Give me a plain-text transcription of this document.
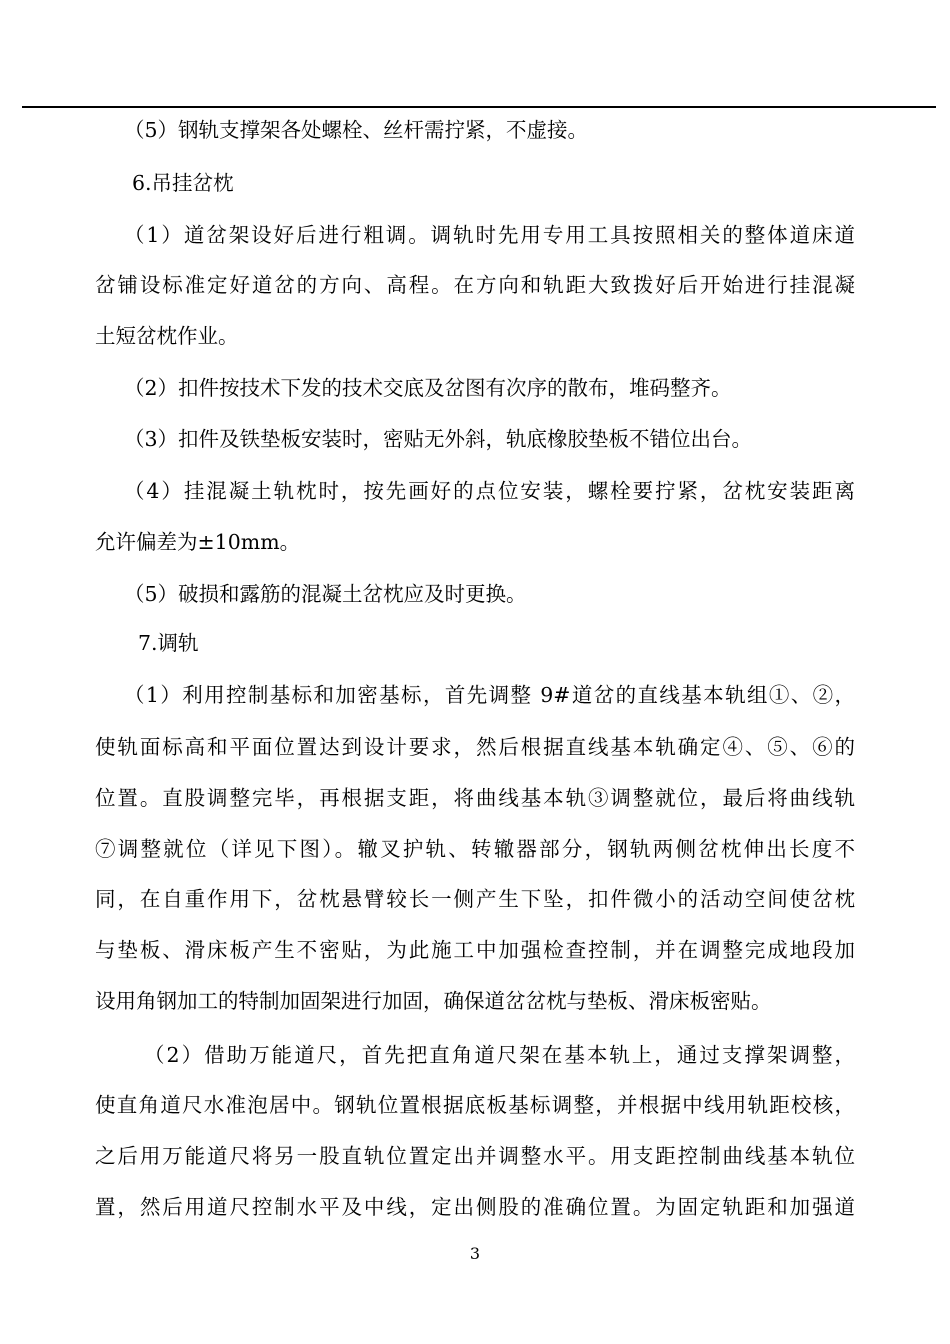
（5）钢轨支撑架各处螺栓、丝杆需拧紧，不虚接。
6.吊挂岔枕
（1）道岔架设好后进行粗调。调轨时先用专用工具按照相关的整体道床道
岔铺设标准定好道岔的方向、高程。在方向和轨距大致拨好后开始进行挂混凝
土短岔枕作业。
（2）扣件按技术下发的技术交底及岔图有次序的散布，堆码整齐。
（3）扣件及铁垫板安装时，密贴无外斜，轨底橡胶垫板不错位出台。
（4）挂混凝土轨枕时，按先画好的点位安装，螺栓要拧紧，岔枕安装距离
允许偏差为±10mm。
（5）破损和露筋的混凝土岔枕应及时更换。
7.调轨
（1）利用控制基标和加密基标，首先调整 9#道岔的直线基本轨组①、②，
使轨面标高和平面位置达到设计要求，然后根据直线基本轨确定④、⑤、⑥的
位置。直股调整完毕，再根据支距，将曲线基本轨③调整就位，最后将曲线轨
⑦调整就位（详见下图）。辙叉护轨、转辙器部分，钢轨两侧岔枕伸出长度不
同，在自重作用下，岔枕悬臂较长一侧产生下坠，扣件微小的活动空间使岔枕
与垫板、滑床板产生不密贴，为此施工中加强检查控制，并在调整完成地段加
设用角钢加工的特制加固架进行加固，确保道岔岔枕与垫板、滑床板密贴。
（2）借助万能道尺，首先把直角道尺架在基本轨上，通过支撑架调整，
使直角道尺水准泡居中。钢轨位置根据底板基标调整，并根据中线用轨距校核，
之后用万能道尺将另一股直轨位置定出并调整水平。用支距控制曲线基本轨位
置，然后用道尺控制水平及中线，定出侧股的准确位置。为固定轨距和加强道
3
